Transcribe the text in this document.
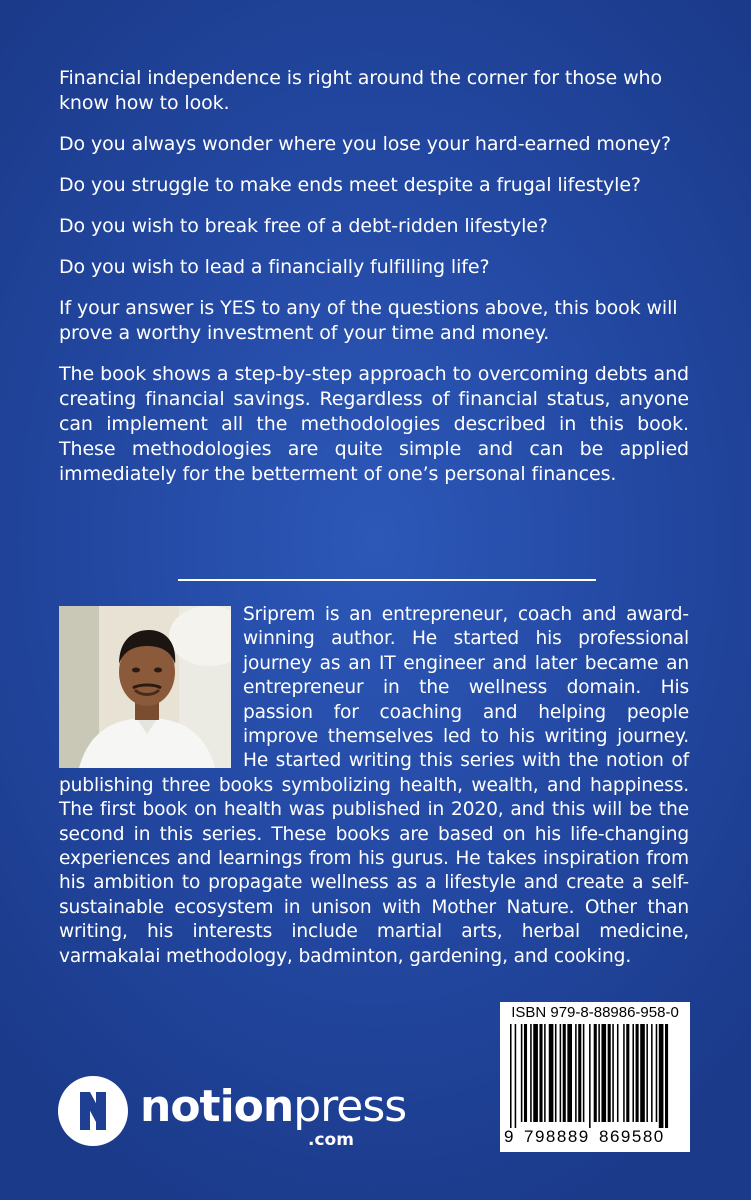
Financial independence is right around the corner for those who know how to look.

Do you always wonder where you lose your hard-earned money?

Do you struggle to make ends meet despite a frugal lifestyle?

Do you wish to break free of a debt-ridden lifestyle?

Do you wish to lead a financially fulfilling life?

If your answer is YES to any of the questions above, this book will prove a worthy investment of your time and money.

The book shows a step-by-step approach to overcoming debts and creating financial savings. Regardless of financial status, anyone can implement all the methodologies described in this book. These methodologies are quite simple and can be applied immediately for the betterment of one’s personal finances.

Sriprem is an entrepreneur, coach and award-winning author. He started his professional journey as an IT engineer and later became an entrepreneur in the wellness domain. His passion for coaching and helping people improve themselves led to his writing journey. He started writing this series with the notion of publishing three books symbolizing health, wealth, and happiness. The first book on health was published in 2020, and this will be the second in this series. These books are based on his life-changing experiences and learnings from his gurus. He takes inspiration from his ambition to propagate wellness as a lifestyle and create a self-sustainable ecosystem in unison with Mother Nature. Other than writing, his interests include martial arts, herbal medicine, varmakalai methodology, badminton, gardening, and cooking.
notionpress
.com
ISBN 979-8-88986-958-0
9 798889 869580
